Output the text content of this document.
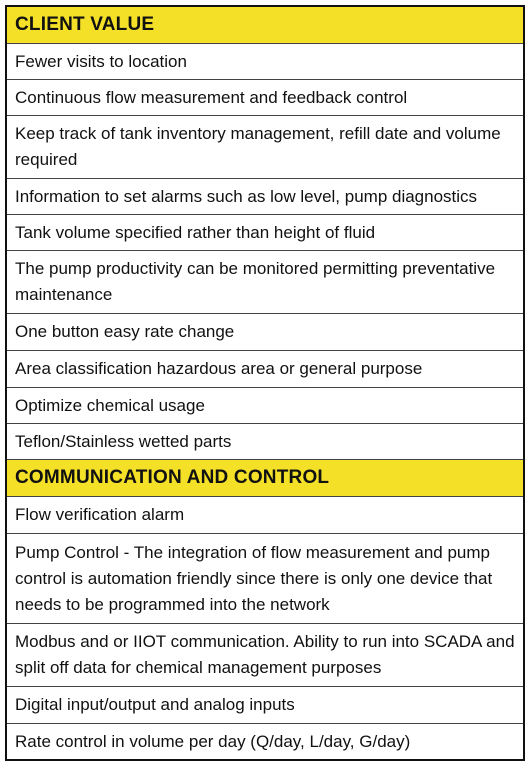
CLIENT VALUE
Fewer visits to location
Continuous flow measurement and feedback control
Keep track of tank inventory management, refill date and volume required
Information to set alarms such as low level, pump diagnostics
Tank volume specified rather than height of fluid
The pump productivity can be monitored permitting preventative maintenance
One button easy rate change
Area classification hazardous area or general purpose
Optimize chemical usage
Teflon/Stainless wetted parts
COMMUNICATION AND CONTROL
Flow verification alarm
Pump Control - The integration of flow measurement and pump control is automation friendly since there is only one device that needs to be programmed into the network
Modbus and or IIOT communication. Ability to run into SCADA and split off data for chemical management purposes
Digital input/output and analog inputs
Rate control in volume per day (Q/day, L/day, G/day)
